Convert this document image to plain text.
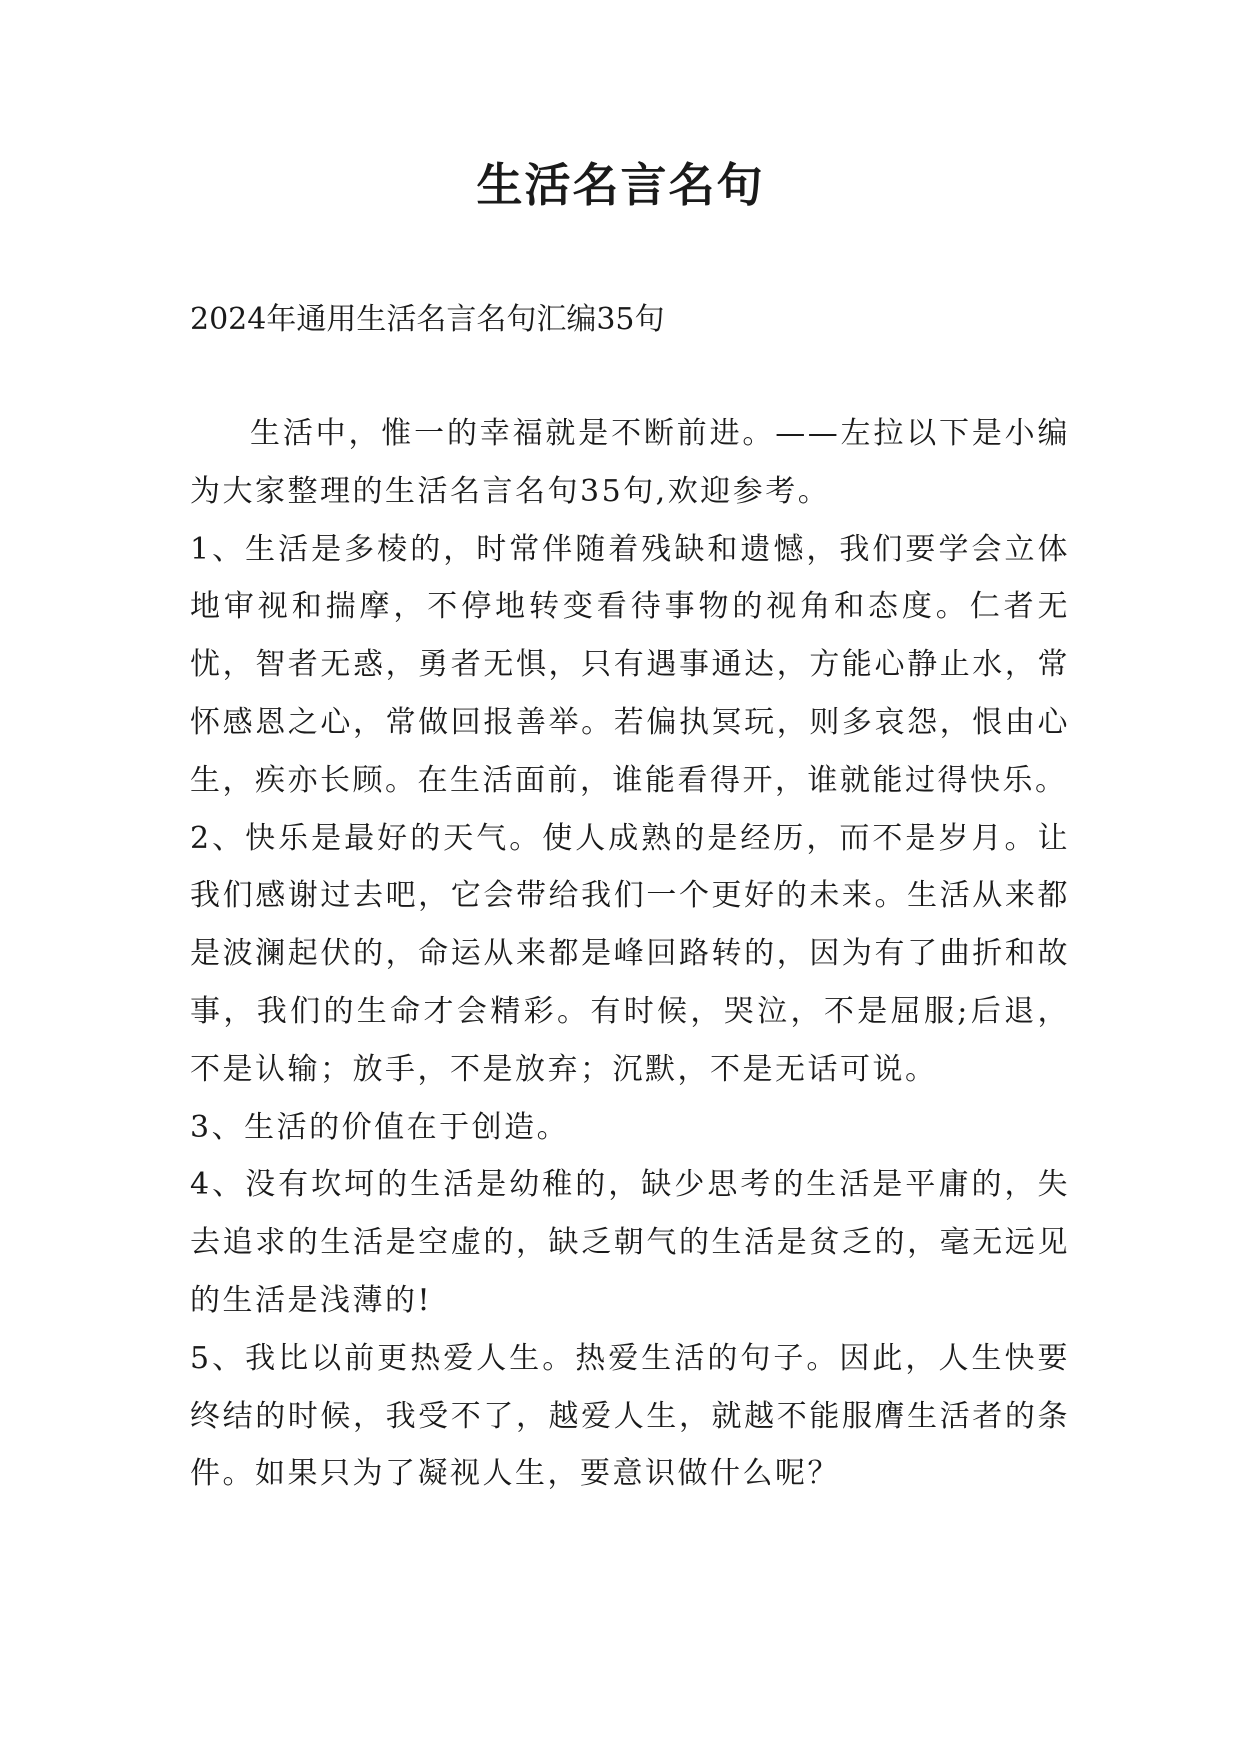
生活名言名句

2024年通用生活名言名句汇编35句

生活中，惟一的幸福就是不断前进。——左拉以下是小编为大家整理的生活名言名句35句,欢迎参考。

1、生活是多棱的，时常伴随着残缺和遗憾，我们要学会立体地审视和揣摩，不停地转变看待事物的视角和态度。仁者无忧，智者无惑，勇者无惧，只有遇事通达，方能心静止水，常怀感恩之心，常做回报善举。若偏执冥玩，则多哀怨，恨由心生，疾亦长顾。在生活面前，谁能看得开，谁就能过得快乐。

2、快乐是最好的天气。使人成熟的是经历，而不是岁月。让我们感谢过去吧，它会带给我们一个更好的未来。生活从来都是波澜起伏的，命运从来都是峰回路转的，因为有了曲折和故事，我们的生命才会精彩。有时候，哭泣，不是屈服;后退，不是认输；放手，不是放弃；沉默，不是无话可说。

3、生活的价值在于创造。

4、没有坎坷的生活是幼稚的，缺少思考的生活是平庸的，失去追求的生活是空虚的，缺乏朝气的生活是贫乏的，毫无远见的生活是浅薄的!

5、我比以前更热爱人生。热爱生活的句子。因此，人生快要终结的时候，我受不了，越爱人生，就越不能服膺生活者的条件。如果只为了凝视人生，要意识做什么呢？
